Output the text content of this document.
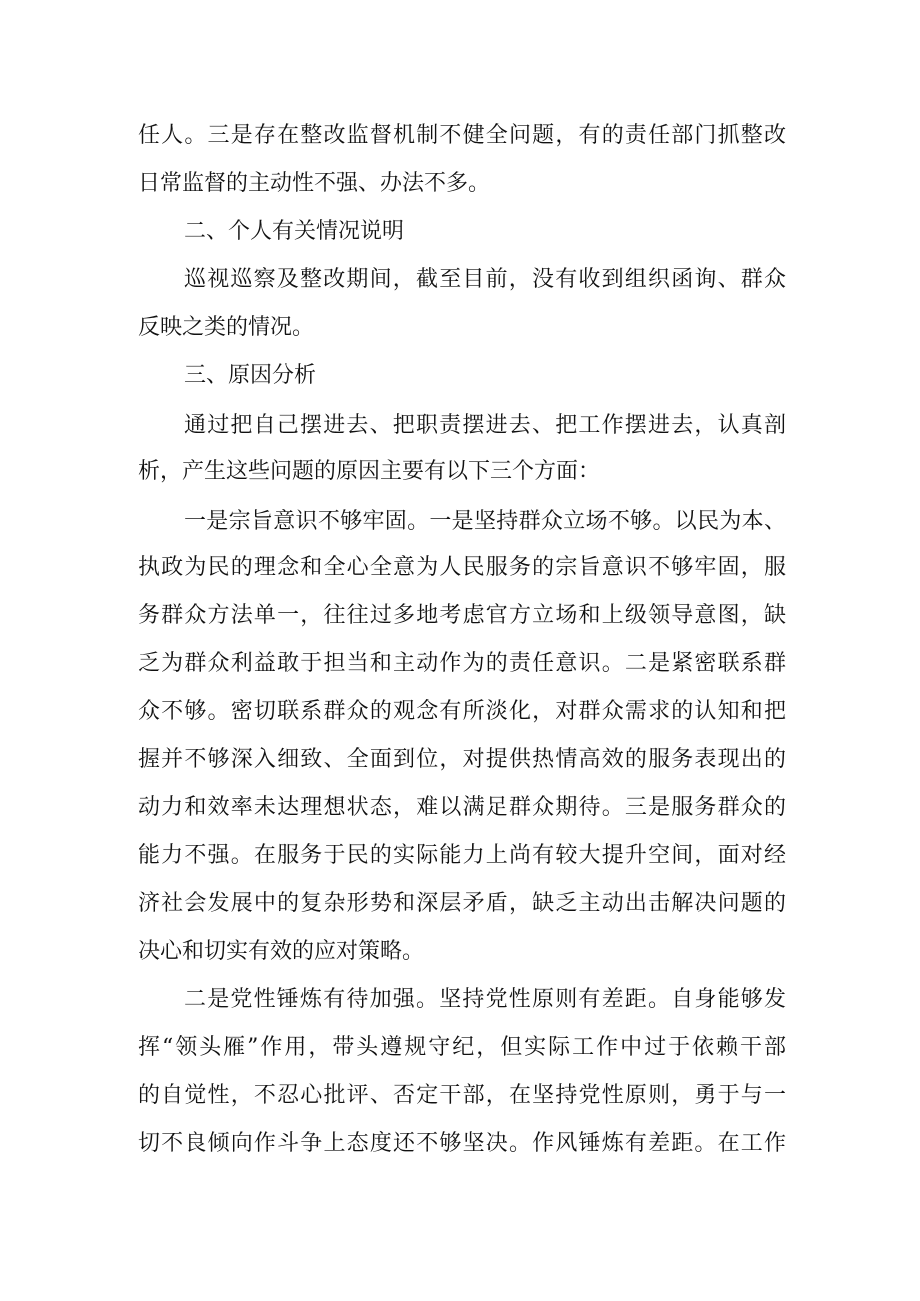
任人。三是存在整改监督机制不健全问题，有的责任部门抓整改
日常监督的主动性不强、办法不多。
二、个人有关情况说明
巡视巡察及整改期间，截至目前，没有收到组织函询、群众
反映之类的情况。
三、原因分析
通过把自己摆进去、把职责摆进去、把工作摆进去，认真剖
析，产生这些问题的原因主要有以下三个方面：
一是宗旨意识不够牢固。一是坚持群众立场不够。以民为本、
执政为民的理念和全心全意为人民服务的宗旨意识不够牢固，服
务群众方法单一，往往过多地考虑官方立场和上级领导意图，缺
乏为群众利益敢于担当和主动作为的责任意识。二是紧密联系群
众不够。密切联系群众的观念有所淡化，对群众需求的认知和把
握并不够深入细致、全面到位，对提供热情高效的服务表现出的
动力和效率未达理想状态，难以满足群众期待。三是服务群众的
能力不强。在服务于民的实际能力上尚有较大提升空间，面对经
济社会发展中的复杂形势和深层矛盾，缺乏主动出击解决问题的
决心和切实有效的应对策略。
二是党性锤炼有待加强。坚持党性原则有差距。自身能够发
挥“领头雁”作用，带头遵规守纪，但实际工作中过于依赖干部
的自觉性，不忍心批评、否定干部，在坚持党性原则，勇于与一
切不良倾向作斗争上态度还不够坚决。作风锤炼有差距。在工作
